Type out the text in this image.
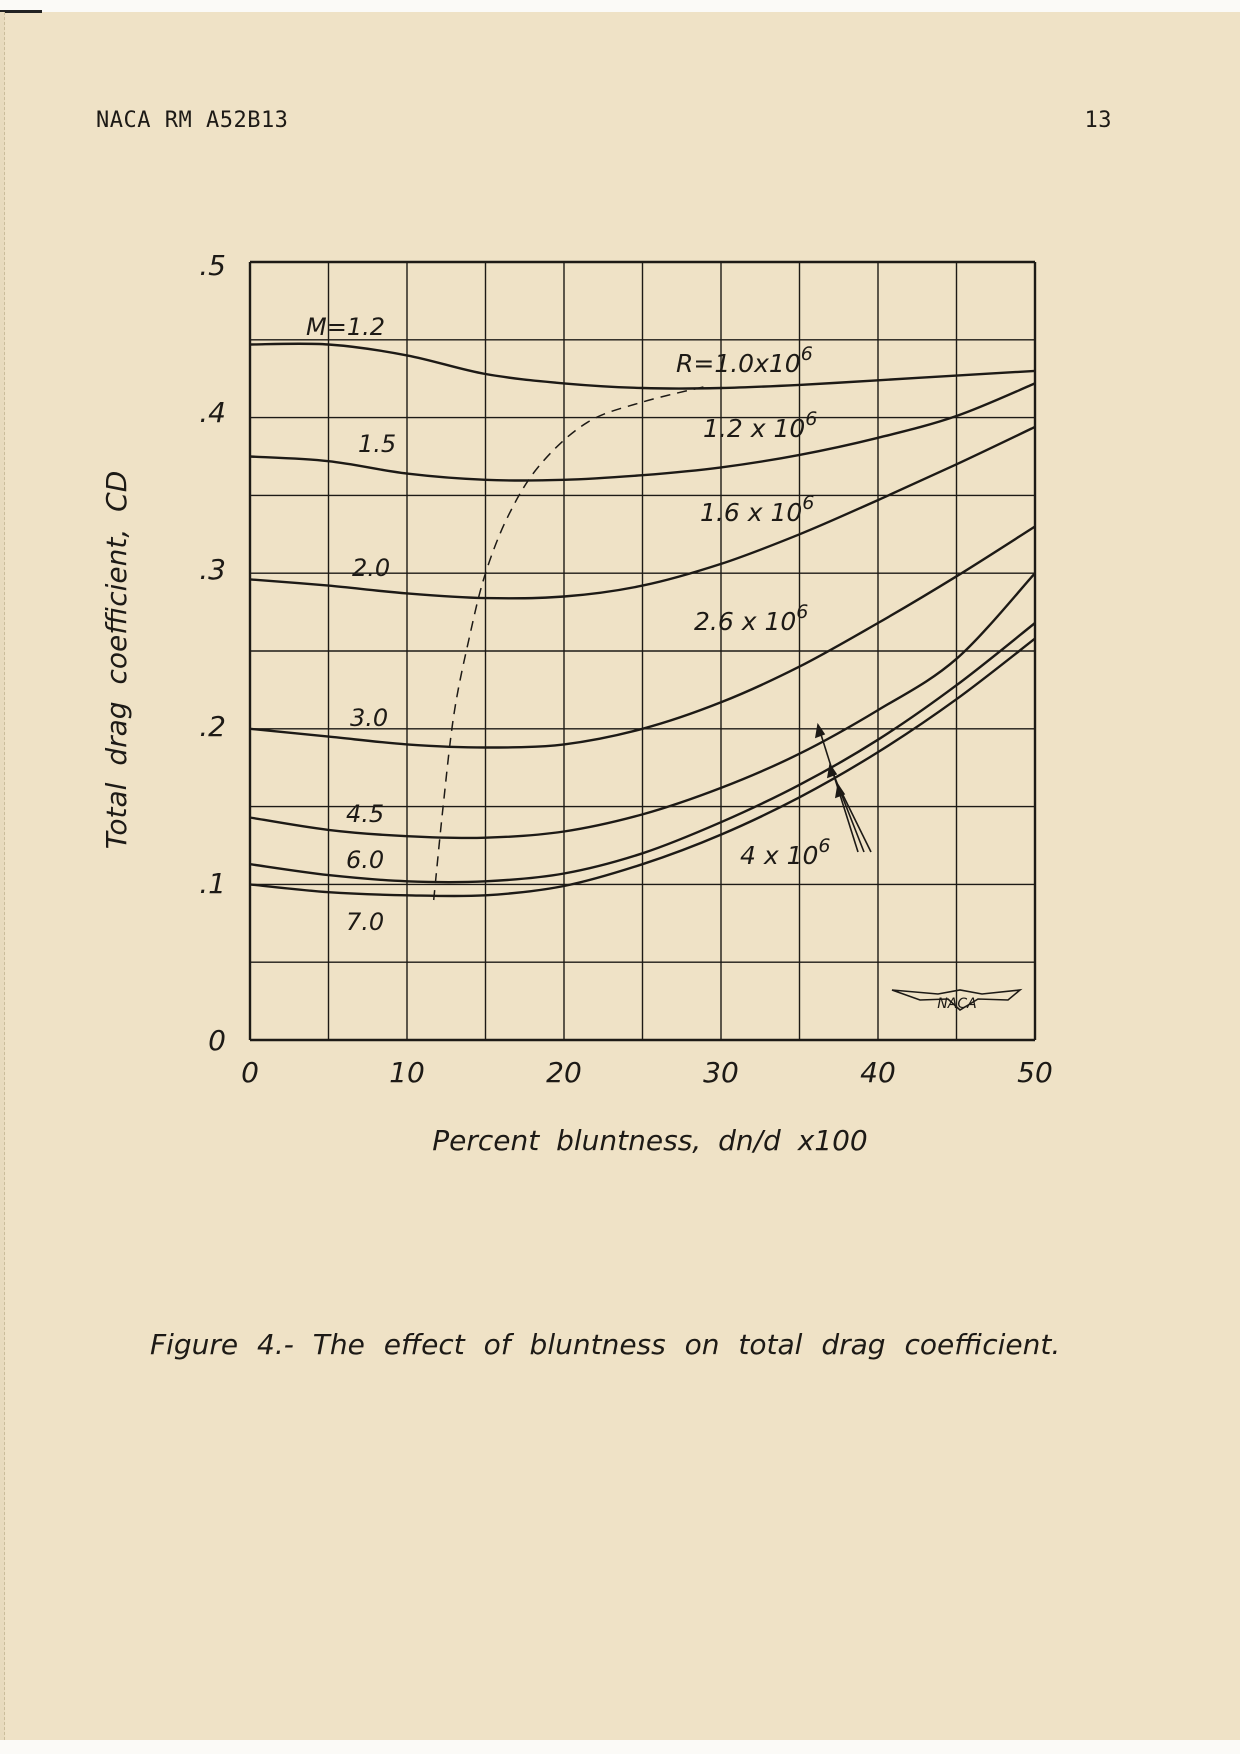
NACA RM A52B13	13
0	10	20	30	40	50
0
.1
.2
.3
.4
.5
Percent bluntness, dn/d x100
Total drag coefficient, CD
M=1.2
1.5
2.0
3.0
4.5
6.0
7.0
$R=1.0x10^6$
1.2 x $10^6$
1.6 x $10^6$
2.6 x $10^6$
4 x $10^6$
NACA
Figure 4.- The effect of bluntness on total drag coefficient.
